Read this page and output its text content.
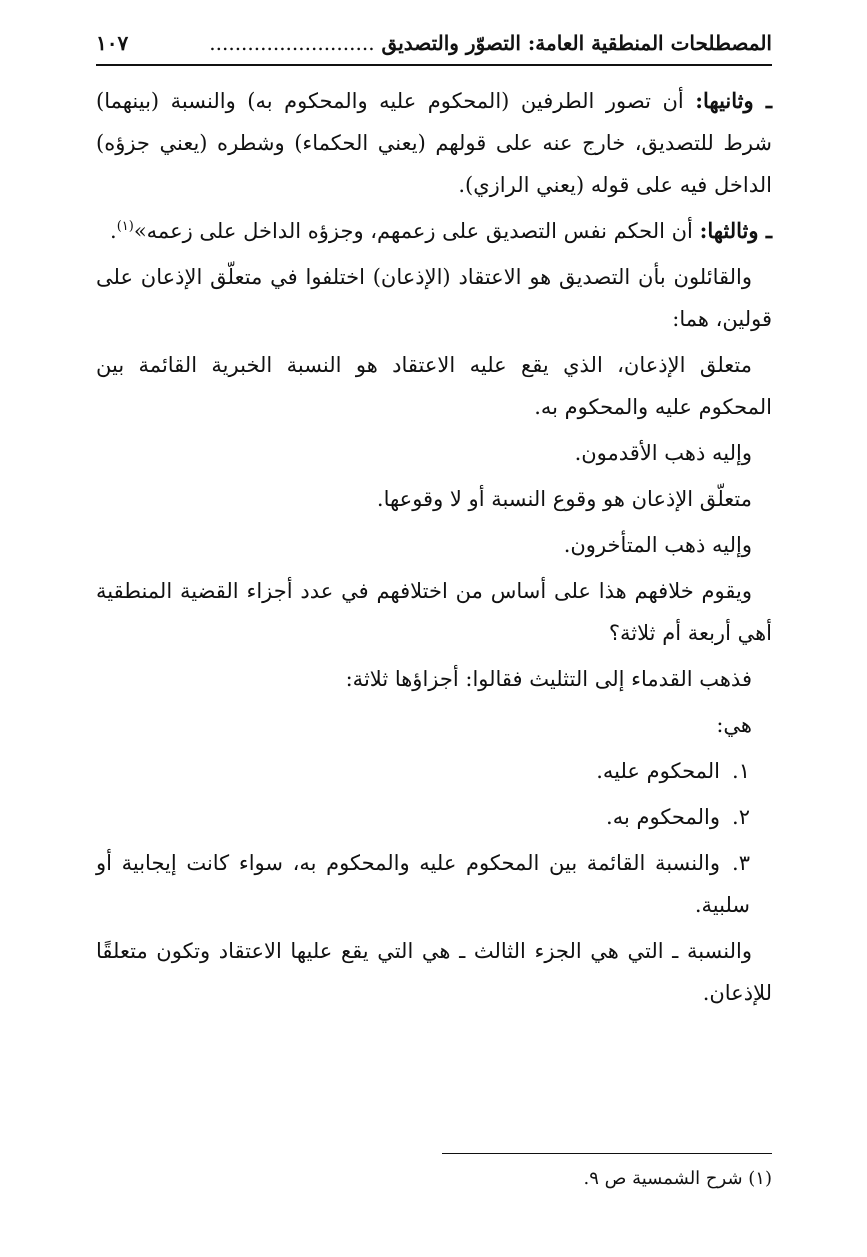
المصطلحات المنطقية العامة: التصوّر والتصديق ..........................
١٠٧

ـ وثانيها: أن تصور الطرفين (المحكوم عليه والمحكوم به) والنسبة (بينهما) شرط للتصديق، خارج عنه على قولهم (يعني الحكماء) وشطره (يعني جزؤه) الداخل فيه على قوله (يعني الرازي).

ـ وثالثها: أن الحكم نفس التصديق على زعمهم، وجزؤه الداخل على زعمه»$^{(١)}$.

والقائلون بأن التصديق هو الاعتقاد (الإذعان) اختلفوا في متعلّق الإذعان على قولين، هما:

متعلق الإذعان، الذي يقع عليه الاعتقاد هو النسبة الخبرية القائمة بين المحكوم عليه والمحكوم به.

وإليه ذهب الأقدمون.

متعلّق الإذعان هو وقوع النسبة أو لا وقوعها.

وإليه ذهب المتأخرون.

ويقوم خلافهم هذا على أساس من اختلافهم في عدد أجزاء القضية المنطقية أهي أربعة أم ثلاثة؟

فذهب القدماء إلى التثليث فقالوا: أجزاؤها ثلاثة:

هي:

١.المحكوم عليه.
٢.والمحكوم به.
٣.والنسبة القائمة بين المحكوم عليه والمحكوم به، سواء كانت إيجابية أو سلبية.

والنسبة ـ التي هي الجزء الثالث ـ هي التي يقع عليها الاعتقاد وتكون متعلقًا للإذعان.

(١) شرح الشمسية ص ٩.
